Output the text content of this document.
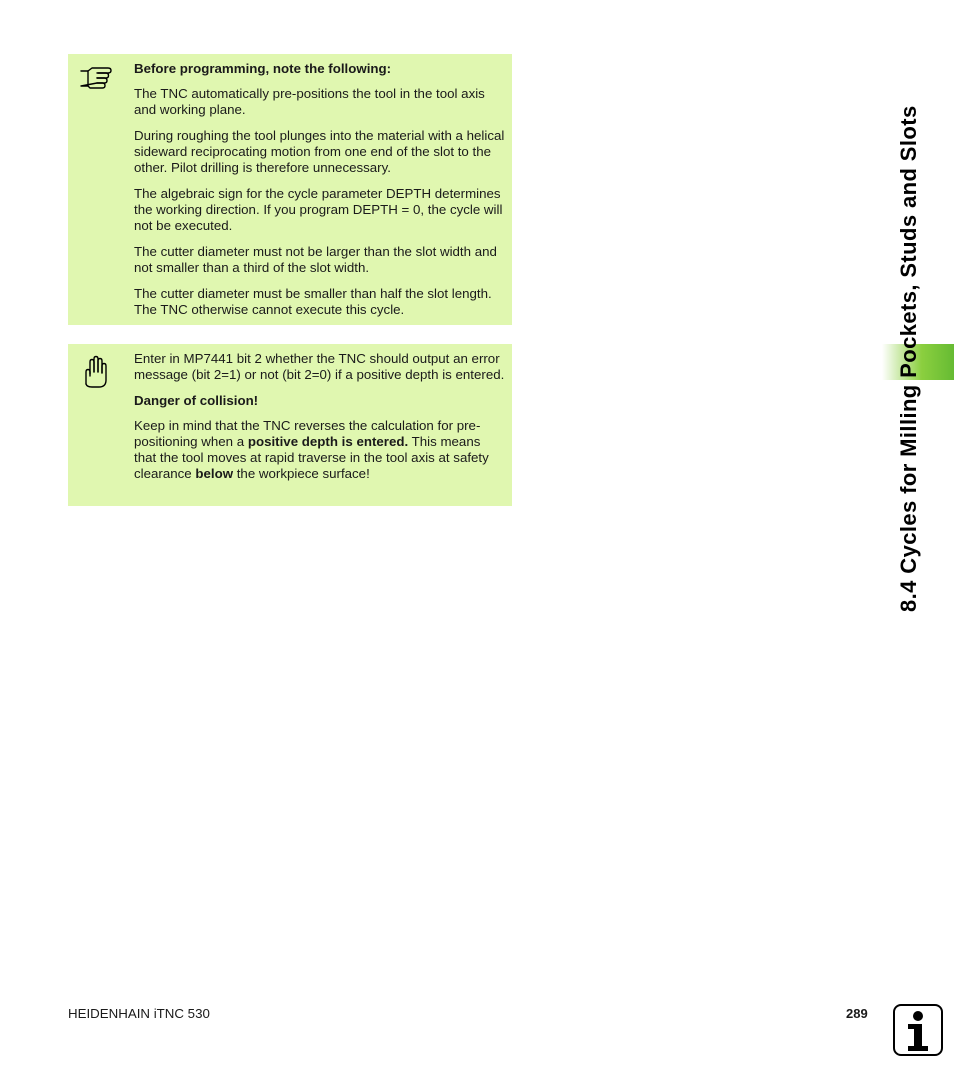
Before programming, note the following:

The TNC automatically pre-positions the tool in the tool axis and working plane.

During roughing the tool plunges into the material with a helical sideward reciprocating motion from one end of the slot to the other. Pilot drilling is therefore unnecessary.

The algebraic sign for the cycle parameter DEPTH determines the working direction. If you program DEPTH = 0, the cycle will not be executed.

The cutter diameter must not be larger than the slot width and not smaller than a third of the slot width.

The cutter diameter must be smaller than half the slot length. The TNC otherwise cannot execute this cycle.

Enter in MP7441 bit 2 whether the TNC should output an error message (bit 2=1) or not (bit 2=0) if a positive depth is entered.

Danger of collision!

Keep in mind that the TNC reverses the calculation for pre-positioning when a positive depth is entered. This means that the tool moves at rapid traverse in the tool axis at safety clearance below the workpiece surface!	8.4 Cycles for Milling Pockets, Studs and Slots
HEIDENHAIN iTNC 530	289
